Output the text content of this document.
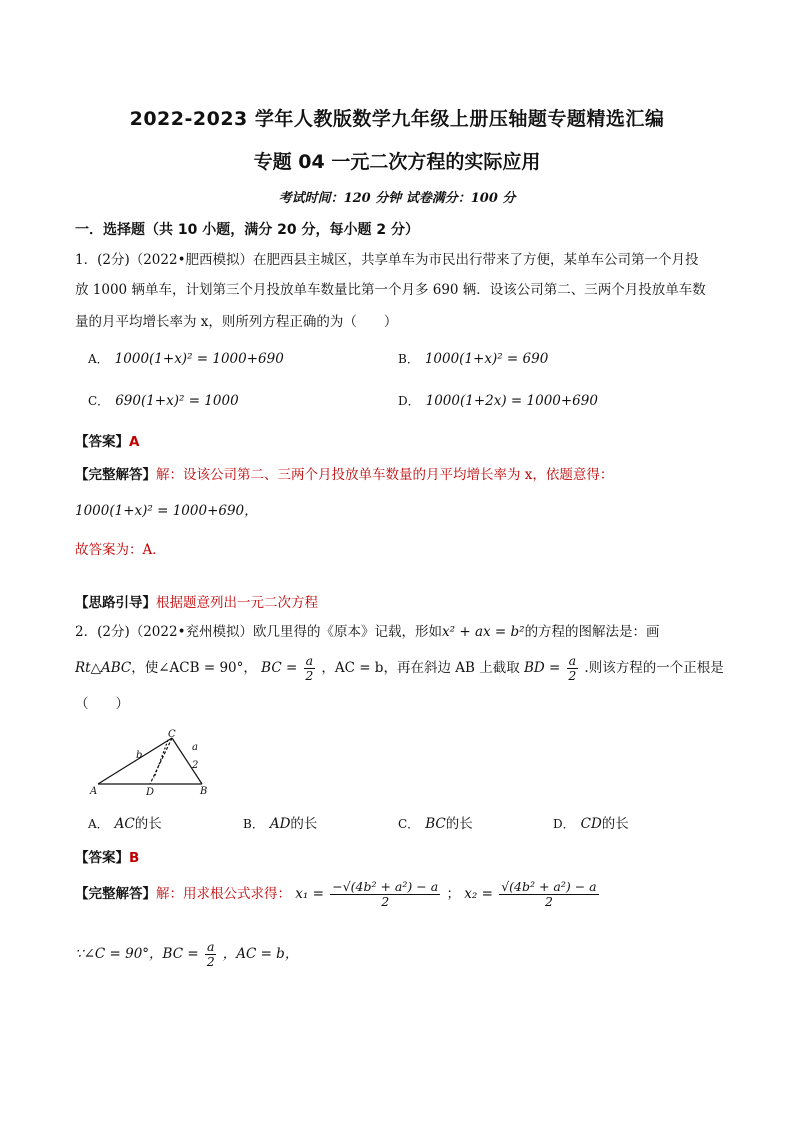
2022-2023 学年人教版数学九年级上册压轴题专题精选汇编
专题 04 一元二次方程的实际应用
考试时间：120 分钟 试卷满分：100 分
一．选择题（共 10 小题，满分 20 分，每小题 2 分）
1．(2分)（2022•肥西模拟）在肥西县主城区，共享单车为市民出行带来了方便，某单车公司第一个月投
放 1000 辆单车，计划第三个月投放单车数量比第一个月多 690 辆．设该公司第二、三两个月投放单车数
量的月平均增长率为 x，则所列方程正确的为（　　）
A． 1000(1+x)² = 1000+690	B． 1000(1+x)² = 690
C． 690(1+x)² = 1000	D． 1000(1+2x) = 1000+690
【答案】A
【完整解答】解：设该公司第二、三两个月投放单车数量的月平均增长率为 x，依题意得：
1000(1+x)² = 1000+690，
故答案为：A．
【思路引导】根据题意列出一元二次方程
2．(2分)（2022•兖州模拟）欧几里得的《原本》记载，形如x² + ax = b²的方程的图解法是：画
Rt△ABC，使∠ACB = 90°， BC = $\frac{a}{2}$ ，AC = b，再在斜边 AB 上截取 BD = $\frac{a}{2}$ .则该方程的一个正根是
（　　）
C
a
b
2
A	D	B
A． AC的长	B． AD的长	C． BC的长	D． CD的长
【答案】B
【完整解答】解：用求根公式求得： $x_1 = \frac{\text{−√(4b² + a²) − a}}{2}$ ； $x_2 = \frac{\text{√(4b² + a²) − a}}{2}$
∵∠C = 90°，BC = $\frac{a}{2}$ ，AC = b，
